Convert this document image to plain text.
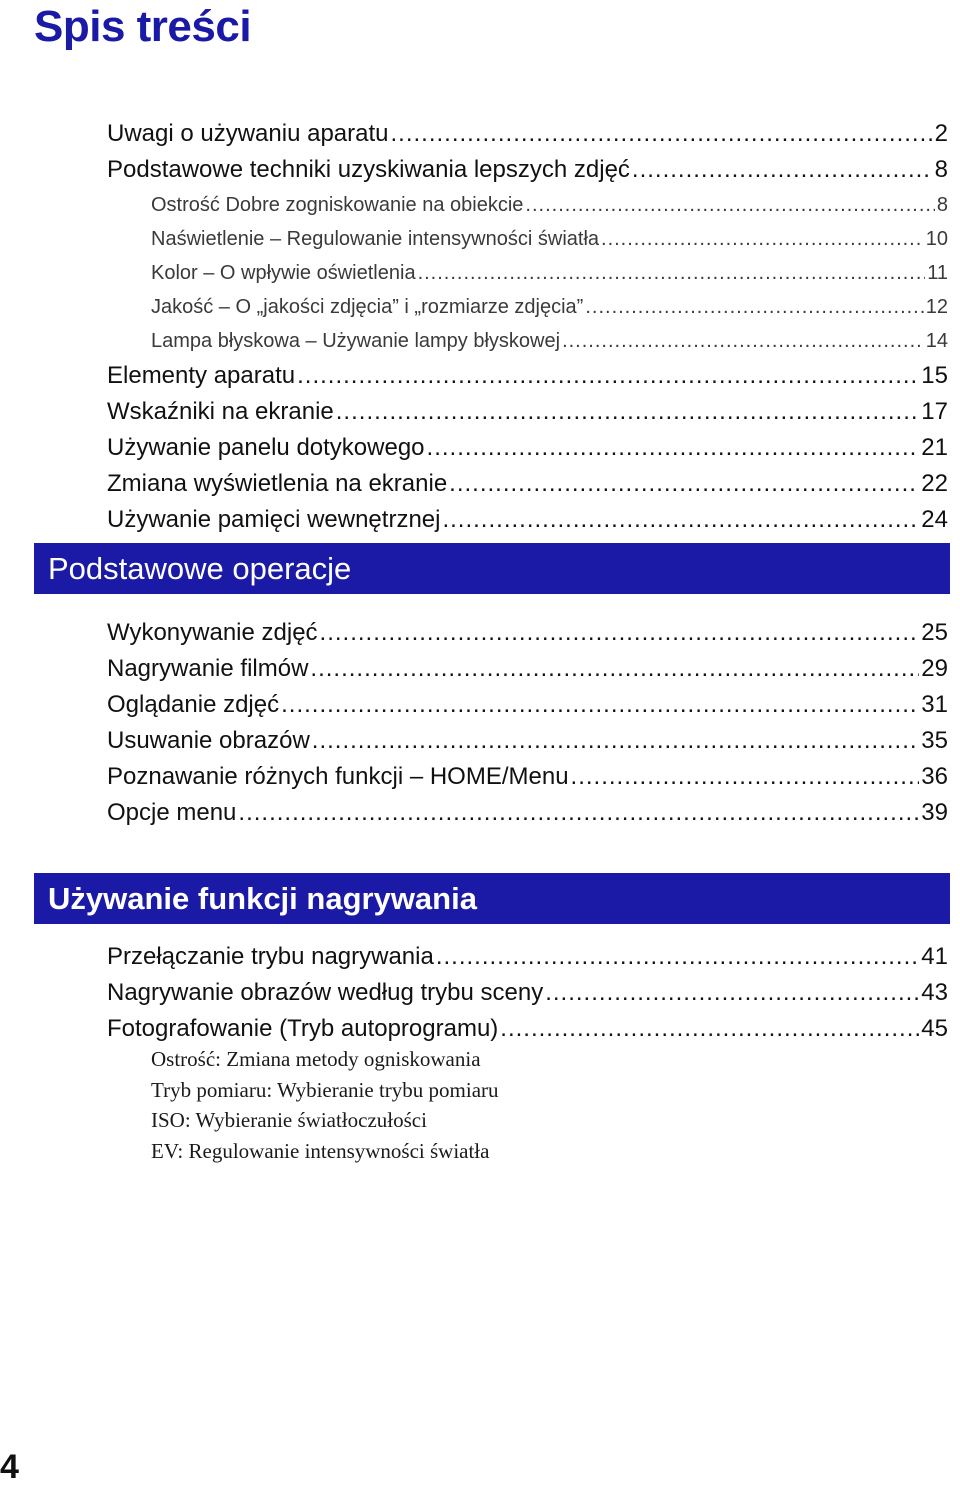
Spis treści
Uwagi o używaniu aparatu .....	2
Podstawowe techniki uzyskiwania lepszych zdjęć .....	8
Ostrość Dobre zogniskowanie na obiekcie .....	8
Naświetlenie – Regulowanie intensywności światła .....	10
Kolor – O wpływie oświetlenia .....	11
Jakość – O „jakości zdjęcia” i „rozmiarze zdjęcia” .....	12
Lampa błyskowa – Używanie lampy błyskowej .....	14
Elementy aparatu .....	15
Wskaźniki na ekranie .....	17
Używanie panelu dotykowego .....	21
Zmiana wyświetlenia na ekranie .....	22
Używanie pamięci wewnętrznej .....	24
Podstawowe operacje
Wykonywanie zdjęć .....	25
Nagrywanie filmów .....	29
Oglądanie zdjęć .....	31
Usuwanie obrazów .....	35
Poznawanie różnych funkcji – HOME/Menu .....	36
Opcje menu .....	39
Używanie funkcji nagrywania
Przełączanie trybu nagrywania .....	41
Nagrywanie obrazów według trybu sceny .....	43
Fotografowanie (Tryb autoprogramu) .....	45
Ostrość: Zmiana metody ogniskowania
Tryb pomiaru: Wybieranie trybu pomiaru
ISO: Wybieranie światłoczułości
EV: Regulowanie intensywności światła
4
